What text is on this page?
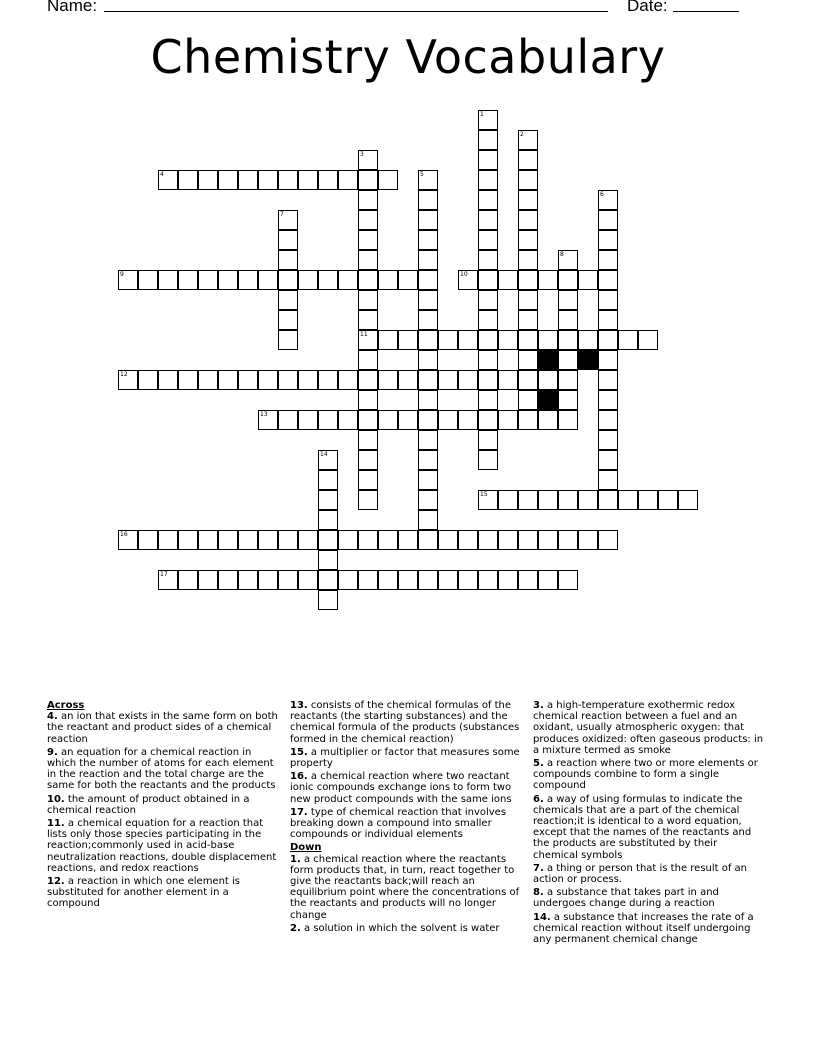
Name:	Date:
Chemistry Vocabulary
1
2
3
11
4	5
6
7
8
9	10
12
13
14
15
16
17
Across
4. an ion that exists in the same form on both the reactant and product sides of a chemical reaction
9. an equation for a chemical reaction in which the number of atoms for each element in the reaction and the total charge are the same for both the reactants and the products
10. the amount of product obtained in a chemical reaction
11. a chemical equation for a reaction that lists only those species participating in the reaction;commonly used in acid-base neutralization reactions, double displacement reactions, and redox reactions
12. a reaction in which one element is substituted for another element in a compound
13. consists of the chemical formulas of the reactants (the starting substances) and the chemical formula of the products (substances formed in the chemical reaction)
15. a multiplier or factor that measures some property
16. a chemical reaction where two reactant ionic compounds exchange ions to form two new product compounds with the same ions
17. type of chemical reaction that involves breaking down a compound into smaller compounds or individual elements
Down
1. a chemical reaction where the reactants form products that, in turn, react together to give the reactants back;will reach an equilibrium point where the concentrations of the reactants and products will no longer change
2. a solution in which the solvent is water
3. a high-temperature exothermic redox chemical reaction between a fuel and an oxidant, usually atmospheric oxygen: that produces oxidized: often gaseous products: in a mixture termed as smoke
5. a reaction where two or more elements or compounds combine to form a single compound
6. a way of using formulas to indicate the chemicals that are a part of the chemical reaction;it is identical to a word equation, except that the names of the reactants and the products are substituted by their chemical symbols
7. a thing or person that is the result of an action or process.
8. a substance that takes part in and undergoes change during a reaction
14. a substance that increases the rate of a chemical reaction without itself undergoing any permanent chemical change
